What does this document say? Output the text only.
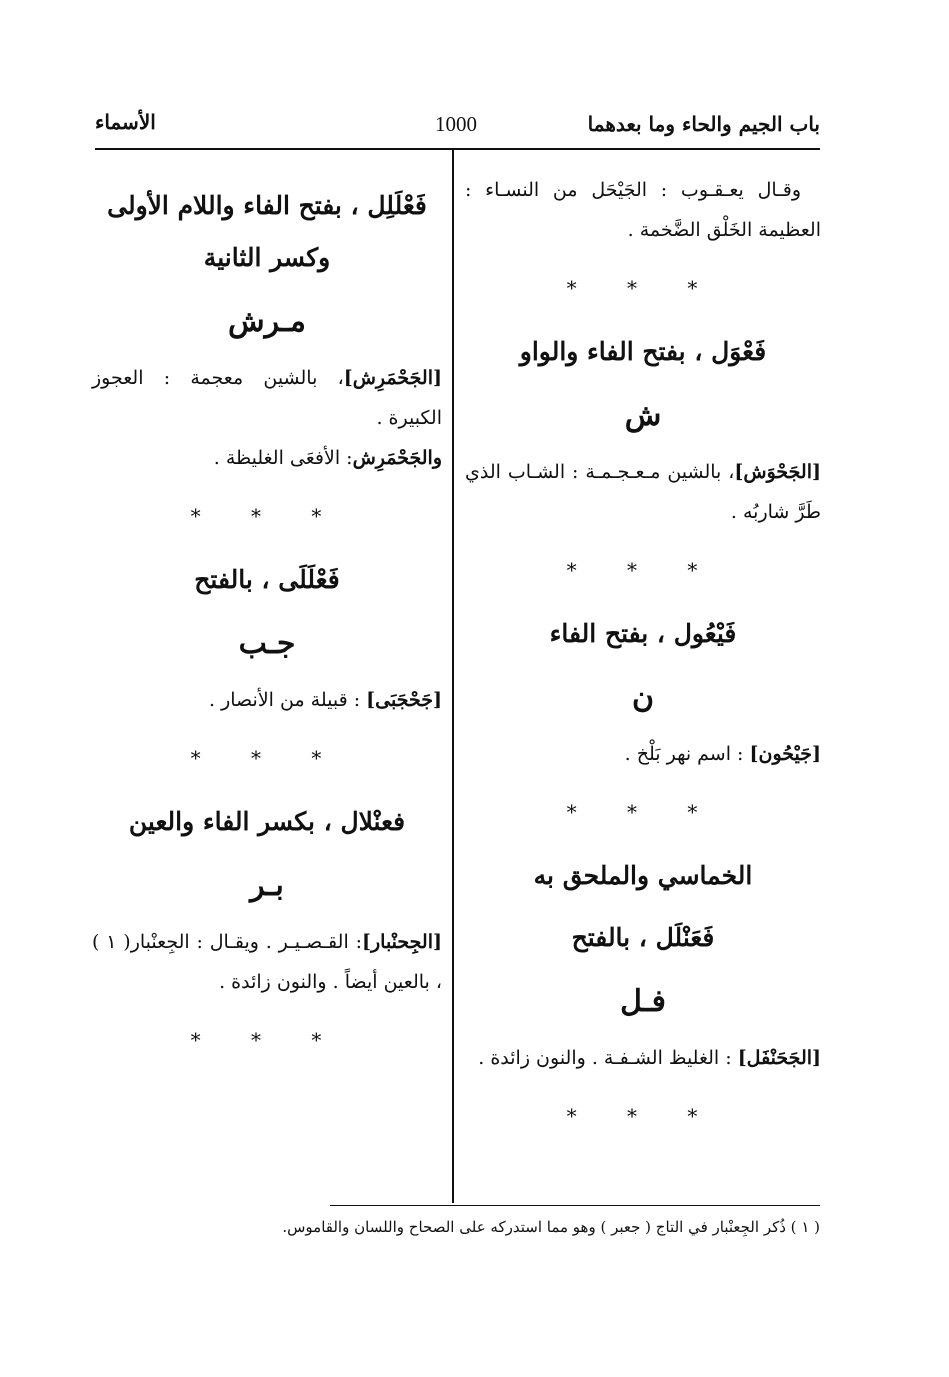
باب الجيم والحاء وما بعدهما
1000
الأسماء

وقـال يعـقـوب : الجَيْحَل من النسـاء : العظيمة الخَلْق الضَّخمة .

* * *
فَعْوَل ، بفتح الفاء والواو
ش

[الجَحْوَش]، بالشين مـعـجـمـة : الشـاب الذي طَرَّ شاربُه .

* * *
فَيْعُول ، بفتح الفاء
ن

[جَيْحُون] : اسم نهر بَلْخ .

* * *
الخماسي والملحق به
فَعَنْلَل ، بالفتح
فـل

[الجَحَنْفَل] : الغليظ الشـفـة . والنون زائدة .

* * *
فَعْلَلِل ، بفتح الفاء واللام الأولى وكسر الثانية
مـرش

[الجَحْمَرِش]، بالشين معجمة : العجوز الكبيرة .

والجَحْمَرِش: الأفعَى الغليظة .

* * *
فَعْلَلَى ، بالفتح
جـب

[جَحْجَبَى] : قبيلة من الأنصار .

* * *
فعنْلال ، بكسر الفاء والعين
بـر

[الجِحنْبار]: القـصـيـر . ويقـال : الجِعنْبار( ١ ) ، بالعين أيضاً . والنون زائدة .

* * *
( ١ ) ذُكر الجِعنْبار في التاج ( جعبر ) وهو مما استدركه على الصحاح واللسان والقاموس.
